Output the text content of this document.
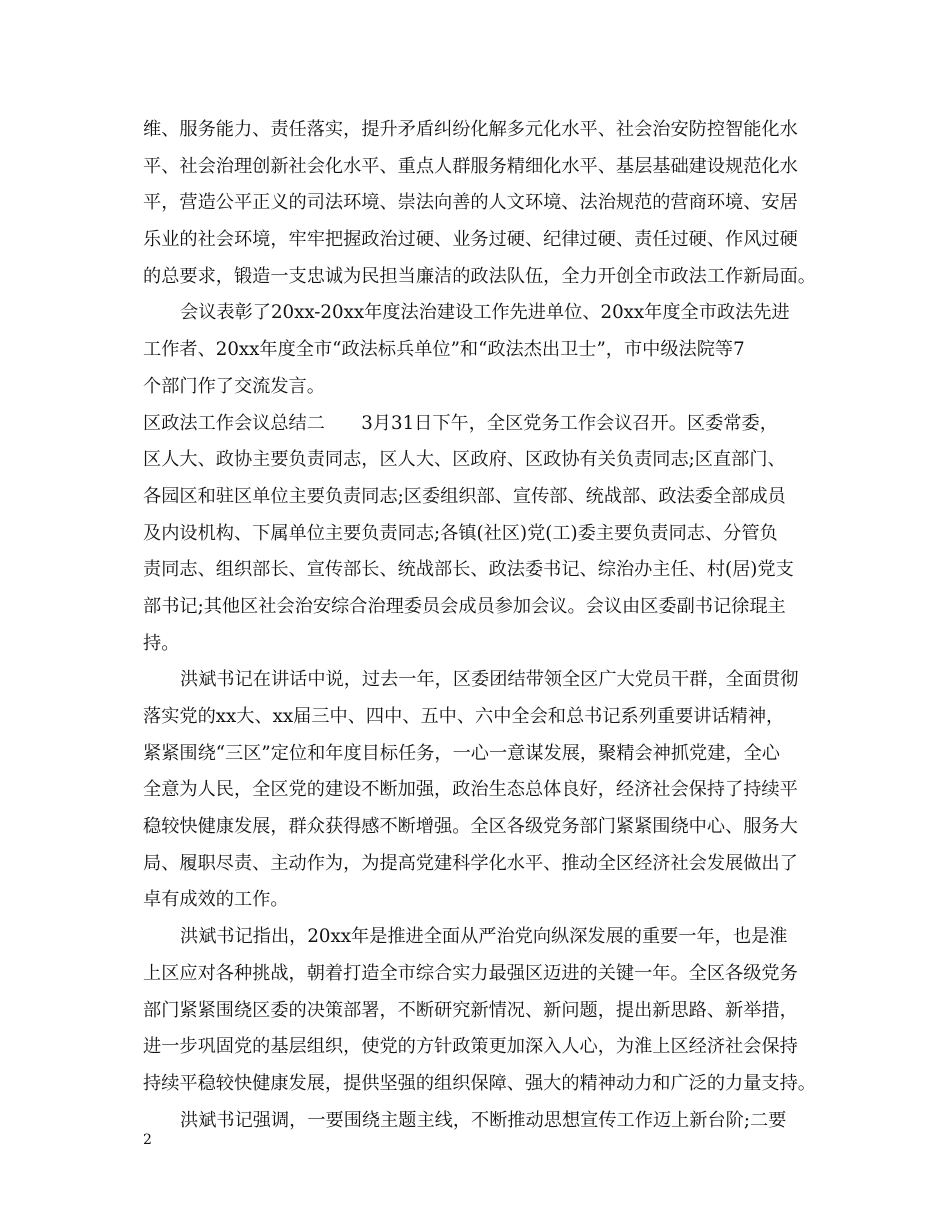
维、服务能力、责任落实，提升矛盾纠纷化解多元化水平、社会治安防控智能化水
平、社会治理创新社会化水平、重点人群服务精细化水平、基层基础建设规范化水
平，营造公平正义的司法环境、崇法向善的人文环境、法治规范的营商环境、安居
乐业的社会环境，牢牢把握政治过硬、业务过硬、纪律过硬、责任过硬、作风过硬
的总要求，锻造一支忠诚为民担当廉洁的政法队伍，全力开创全市政法工作新局面。
会议表彰了20xx-20xx年度法治建设工作先进单位、20xx年度全市政法先进
工作者、20xx年度全市“政法标兵单位”和“政法杰出卫士”，市中级法院等7
个部门作了交流发言。
区政法工作会议总结二　　3月31日下午，全区党务工作会议召开。区委常委，
区人大、政协主要负责同志，区人大、区政府、区政协有关负责同志;区直部门、
各园区和驻区单位主要负责同志;区委组织部、宣传部、统战部、政法委全部成员
及内设机构、下属单位主要负责同志;各镇(社区)党(工)委主要负责同志、分管负
责同志、组织部长、宣传部长、统战部长、政法委书记、综治办主任、村(居)党支
部书记;其他区社会治安综合治理委员会成员参加会议。会议由区委副书记徐琨主
持。
洪斌书记在讲话中说，过去一年，区委团结带领全区广大党员干群，全面贯彻
落实党的xx大、xx届三中、四中、五中、六中全会和总书记系列重要讲话精神，
紧紧围绕“三区”定位和年度目标任务，一心一意谋发展，聚精会神抓党建，全心
全意为人民，全区党的建设不断加强，政治生态总体良好，经济社会保持了持续平
稳较快健康发展，群众获得感不断增强。全区各级党务部门紧紧围绕中心、服务大
局、履职尽责、主动作为，为提高党建科学化水平、推动全区经济社会发展做出了
卓有成效的工作。
洪斌书记指出，20xx年是推进全面从严治党向纵深发展的重要一年，也是淮
上区应对各种挑战，朝着打造全市综合实力最强区迈进的关键一年。全区各级党务
部门紧紧围绕区委的决策部署，不断研究新情况、新问题，提出新思路、新举措，
进一步巩固党的基层组织，使党的方针政策更加深入人心，为淮上区经济社会保持
持续平稳较快健康发展，提供坚强的组织保障、强大的精神动力和广泛的力量支持。
洪斌书记强调，一要围绕主题主线，不断推动思想宣传工作迈上新台阶;二要
2
